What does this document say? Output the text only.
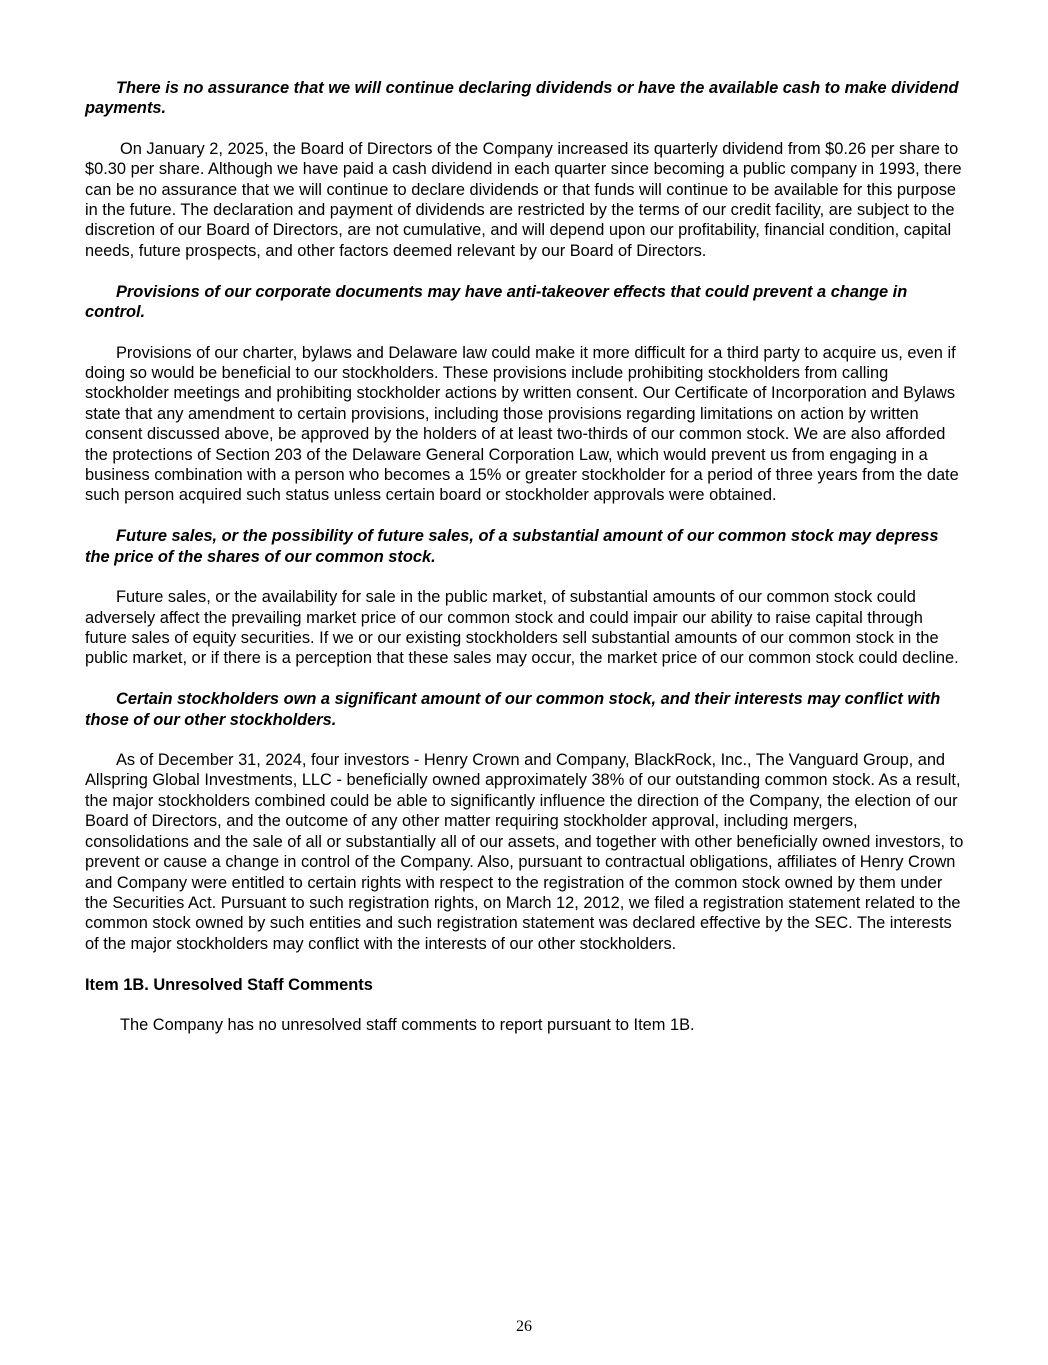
There is no assurance that we will continue declaring dividends or have the available cash to make dividend payments.

On January 2, 2025, the Board of Directors of the Company increased its quarterly dividend from $0.26 per share to $0.30 per share. Although we have paid a cash dividend in each quarter since becoming a public company in 1993, there can be no assurance that we will continue to declare dividends or that funds will continue to be available for this purpose in the future. The declaration and payment of dividends are restricted by the terms of our credit facility, are subject to the discretion of our Board of Directors, are not cumulative, and will depend upon our profitability, financial condition, capital needs, future prospects, and other factors deemed relevant by our Board of Directors.

Provisions of our corporate documents may have anti-takeover effects that could prevent a change in control.

Provisions of our charter, bylaws and Delaware law could make it more difficult for a third party to acquire us, even if doing so would be beneficial to our stockholders. These provisions include prohibiting stockholders from calling stockholder meetings and prohibiting stockholder actions by written consent. Our Certificate of Incorporation and Bylaws state that any amendment to certain provisions, including those provisions regarding limitations on action by written consent discussed above, be approved by the holders of at least two-thirds of our common stock. We are also afforded the protections of Section 203 of the Delaware General Corporation Law, which would prevent us from engaging in a business combination with a person who becomes a 15% or greater stockholder for a period of three years from the date such person acquired such status unless certain board or stockholder approvals were obtained.

Future sales, or the possibility of future sales, of a substantial amount of our common stock may depress the price of the shares of our common stock.

Future sales, or the availability for sale in the public market, of substantial amounts of our common stock could adversely affect the prevailing market price of our common stock and could impair our ability to raise capital through future sales of equity securities. If we or our existing stockholders sell substantial amounts of our common stock in the public market, or if there is a perception that these sales may occur, the market price of our common stock could decline.

Certain stockholders own a significant amount of our common stock, and their interests may conflict with those of our other stockholders.

As of December 31, 2024, four investors - Henry Crown and Company, BlackRock, Inc., The Vanguard Group, and Allspring Global Investments, LLC - beneficially owned approximately 38% of our outstanding common stock. As a result, the major stockholders combined could be able to significantly influence the direction of the Company, the election of our Board of Directors, and the outcome of any other matter requiring stockholder approval, including mergers, consolidations and the sale of all or substantially all of our assets, and together with other beneficially owned investors, to prevent or cause a change in control of the Company. Also, pursuant to contractual obligations, affiliates of Henry Crown and Company were entitled to certain rights with respect to the registration of the common stock owned by them under the Securities Act. Pursuant to such registration rights, on March 12, 2012, we filed a registration statement related to the common stock owned by such entities and such registration statement was declared effective by the SEC. The interests of the major stockholders may conflict with the interests of our other stockholders.

Item 1B. Unresolved Staff Comments

The Company has no unresolved staff comments to report pursuant to Item 1B.

26
